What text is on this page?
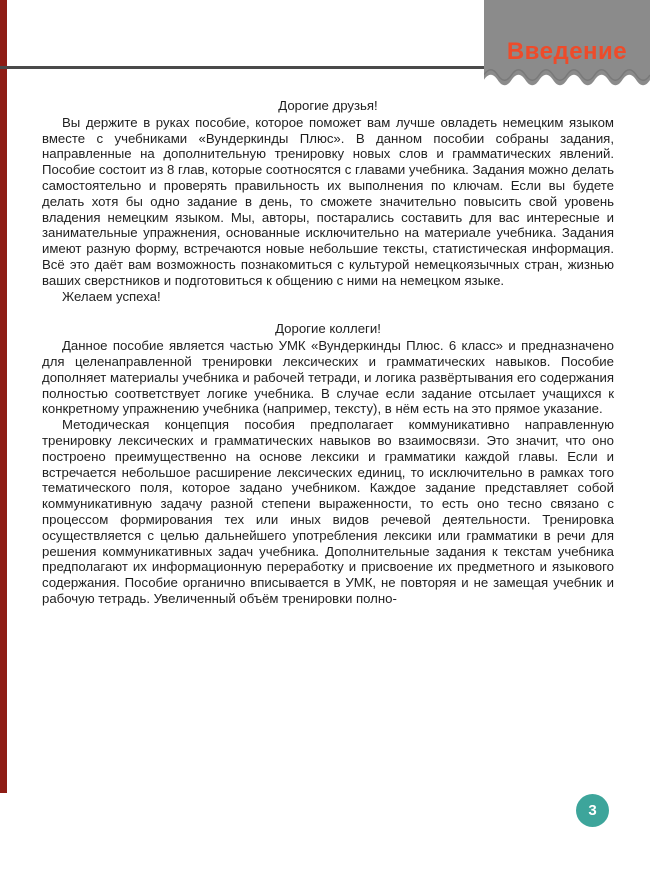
Введение
Дорогие друзья!

Вы держите в руках пособие, которое поможет вам лучше овладеть немецким языком вместе с учебниками «Вундеркинды Плюс». В данном пособии собраны задания, направленные на дополнительную тренировку новых слов и грамматических явлений. Пособие состоит из 8 глав, которые соотносятся с главами учебника. Задания можно делать самостоятельно и проверять правильность их выполнения по ключам. Если вы будете делать хотя бы одно задание в день, то сможете значительно повысить свой уровень владения немецким языком. Мы, авторы, постарались составить для вас интересные и занимательные упражнения, основанные исключительно на материале учебника. Задания имеют разную форму, встречаются новые небольшие тексты, статистическая информация. Всё это даёт вам возможность познакомиться с культурой немецкоязычных стран, жизнью ваших сверстников и подготовиться к общению с ними на немецком языке.

Желаем успеха!

Дорогие коллеги!

Данное пособие является частью УМК «Вундеркинды Плюс. 6 класс» и предназначено для целенаправленной тренировки лексических и грамматических навыков. Пособие дополняет материалы учебника и рабочей тетради, и логика развёртывания его содержания полностью соответствует логике учебника. В случае если задание отсылает учащихся к конкретному упражнению учебника (например, тексту), в нём есть на это прямое указание.

Методическая концепция пособия предполагает коммуникативно направленную тренировку лексических и грамматических навыков во взаимосвязи. Это значит, что оно построено преимущественно на основе лексики и грамматики каждой главы. Если и встречается небольшое расширение лексических единиц, то исключительно в рамках того тематического поля, которое задано учебником. Каждое задание представляет собой коммуникативную задачу разной степени выраженности, то есть оно тесно связано с процессом формирования тех или иных видов речевой деятельности. Тренировка осуществляется с целью дальнейшего употребления лексики или грамматики в речи для решения коммуникативных задач учебника. Дополнительные задания к текстам учебника предполагают их информационную переработку и присвоение их предметного и языкового содержания. Пособие органично вписывается в УМК, не повторяя и не замещая учебник и рабочую тетрадь. Увеличенный объём тренировки полно-

3
